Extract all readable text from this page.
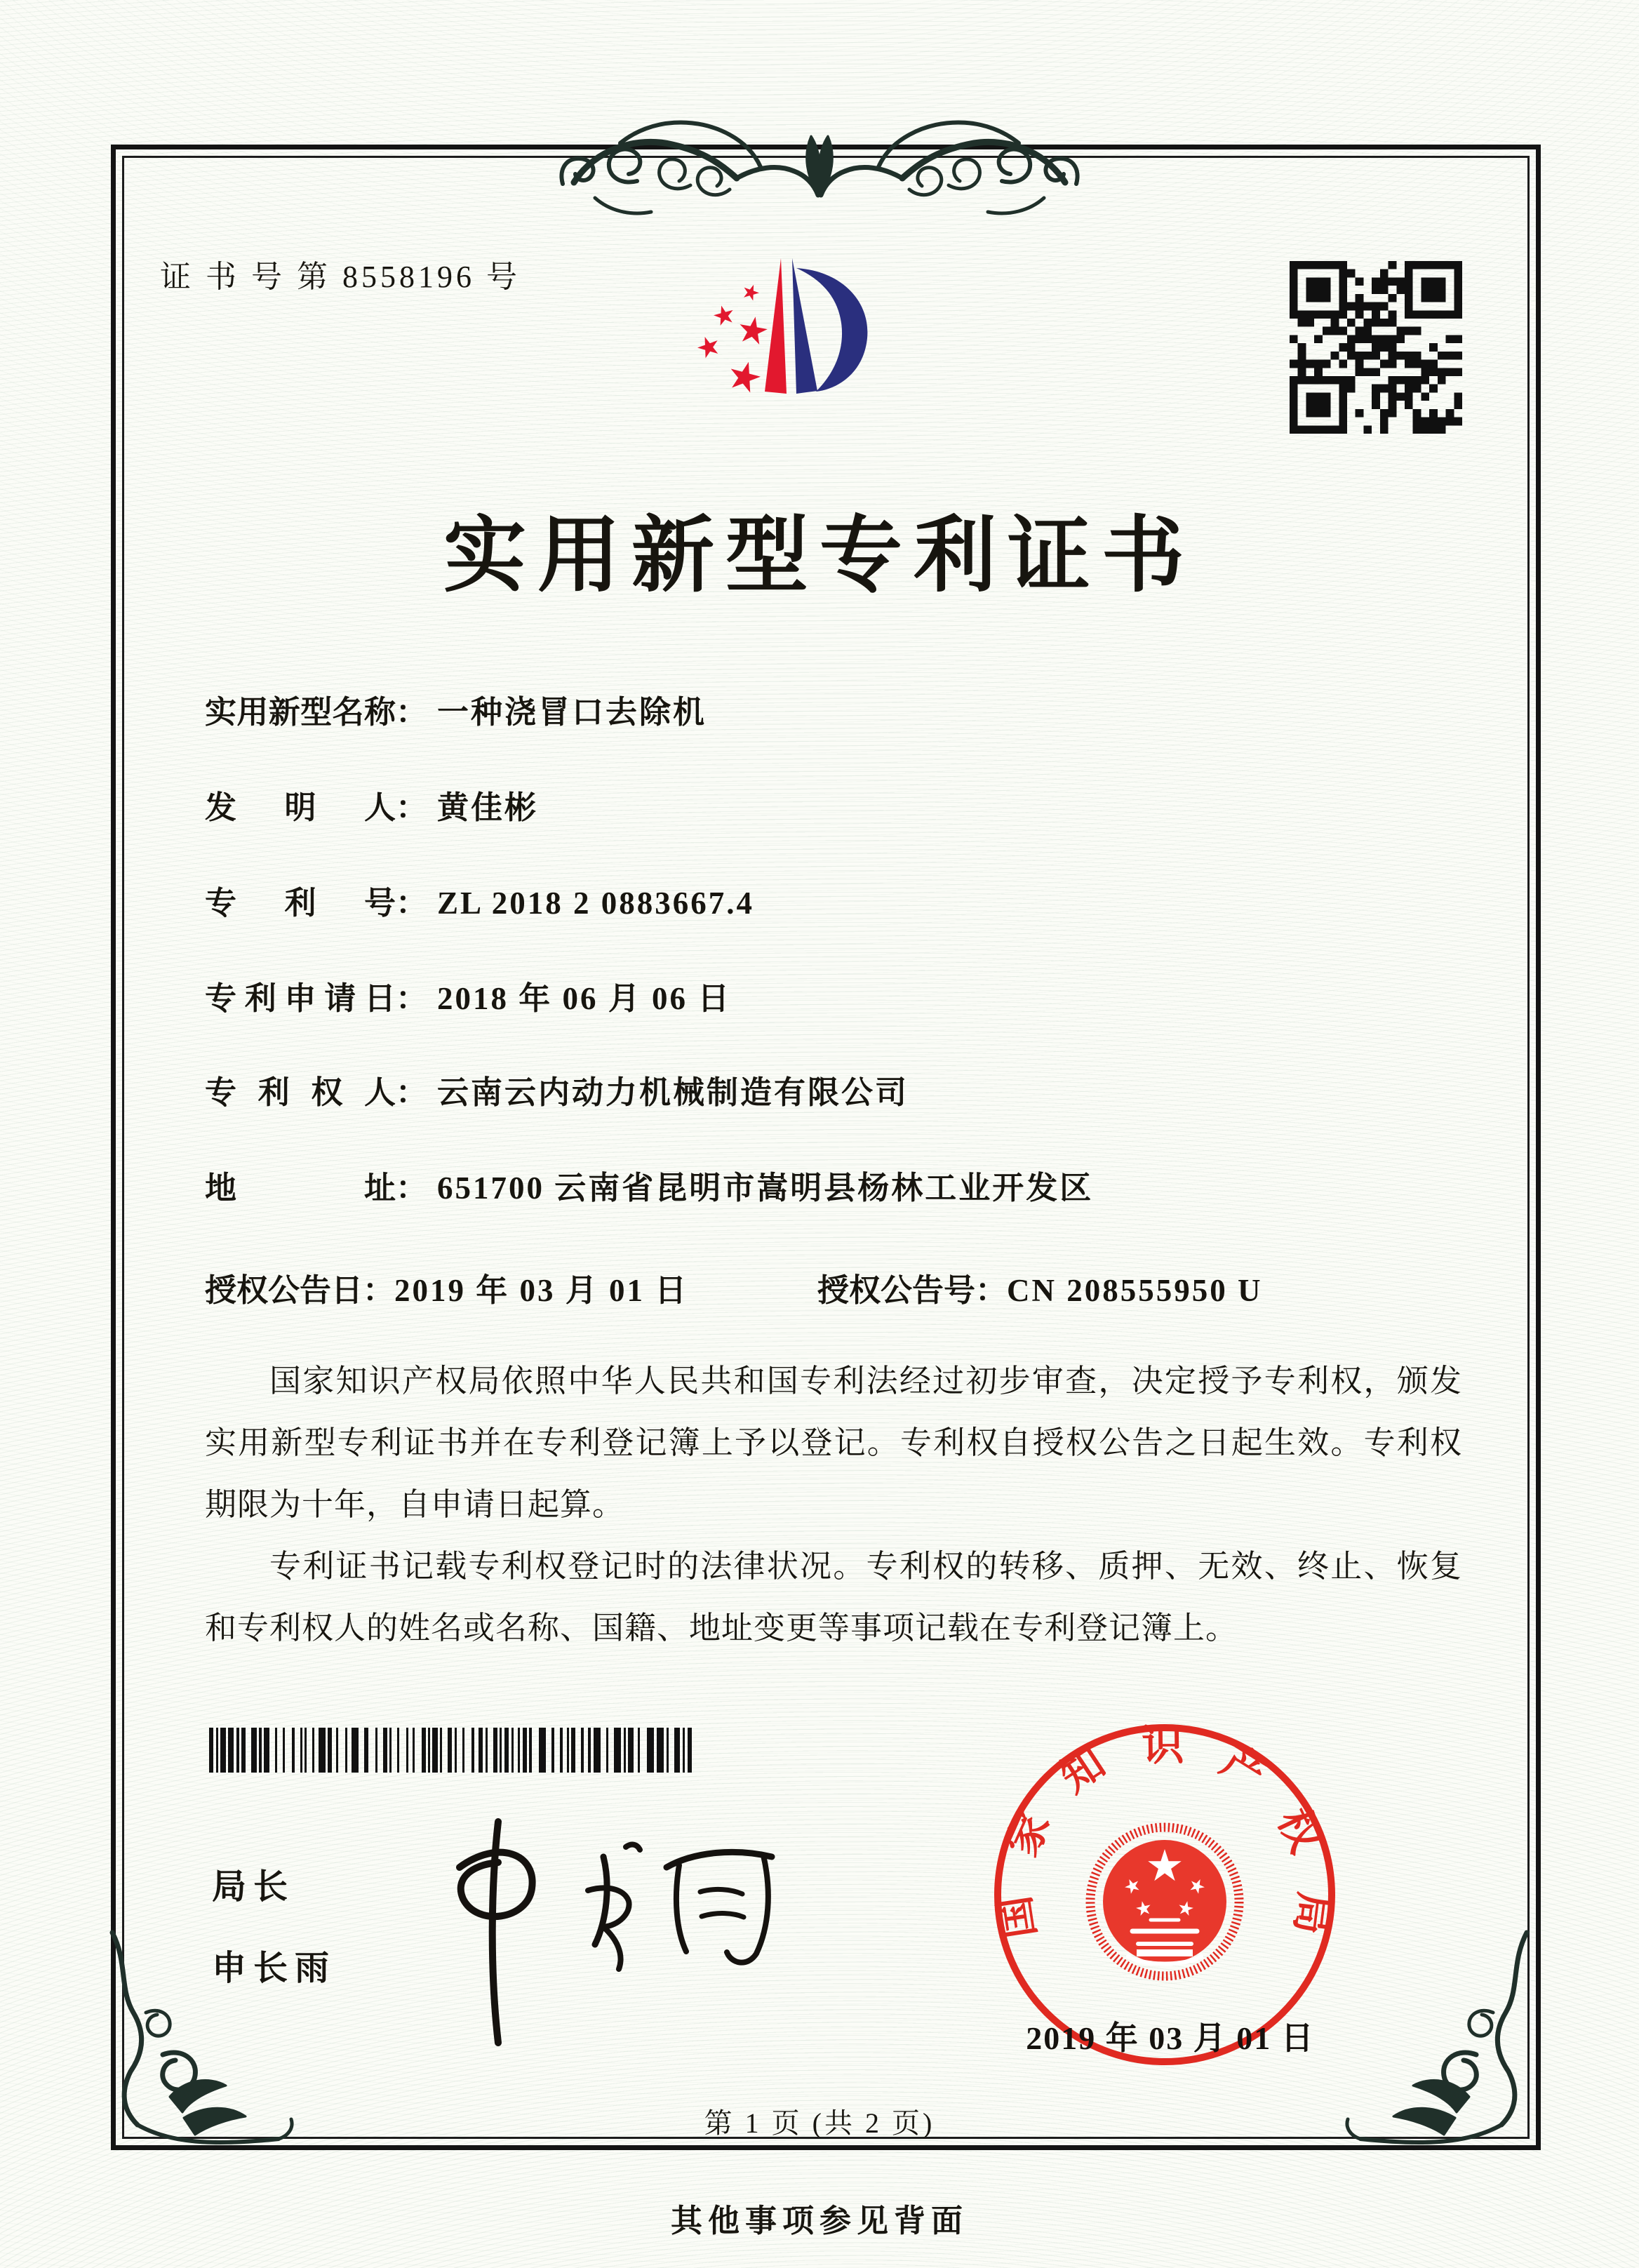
证 书 号 第 8558196 号
实用新型专利证书
实用新型名称： 一种浇冒口去除机
发明人： 黄佳彬
专利号： ZL 2018 2 0883667.4
专利申请日： 2018 年 06 月 06 日
专利权人： 云南云内动力机械制造有限公司
地址： 651700 云南省昆明市嵩明县杨林工业开发区
授权公告日：2019 年 03 月 01 日	授权公告号：CN 208555950 U

国家知识产权局依照中华人民共和国专利法经过初步审查，决定授予专利权，颁发实用新型专利证书并在专利登记簿上予以登记。专利权自授权公告之日起生效。专利权期限为十年，自申请日起算。

专利证书记载专利权登记时的法律状况。专利权的转移、质押、无效、终止、恢复和专利权人的姓名或名称、国籍、地址变更等事项记载在专利登记簿上。

局长
申长雨
国家知识产权局
2019 年 03 月 01 日
第 1 页 (共 2 页)
其他事项参见背面
